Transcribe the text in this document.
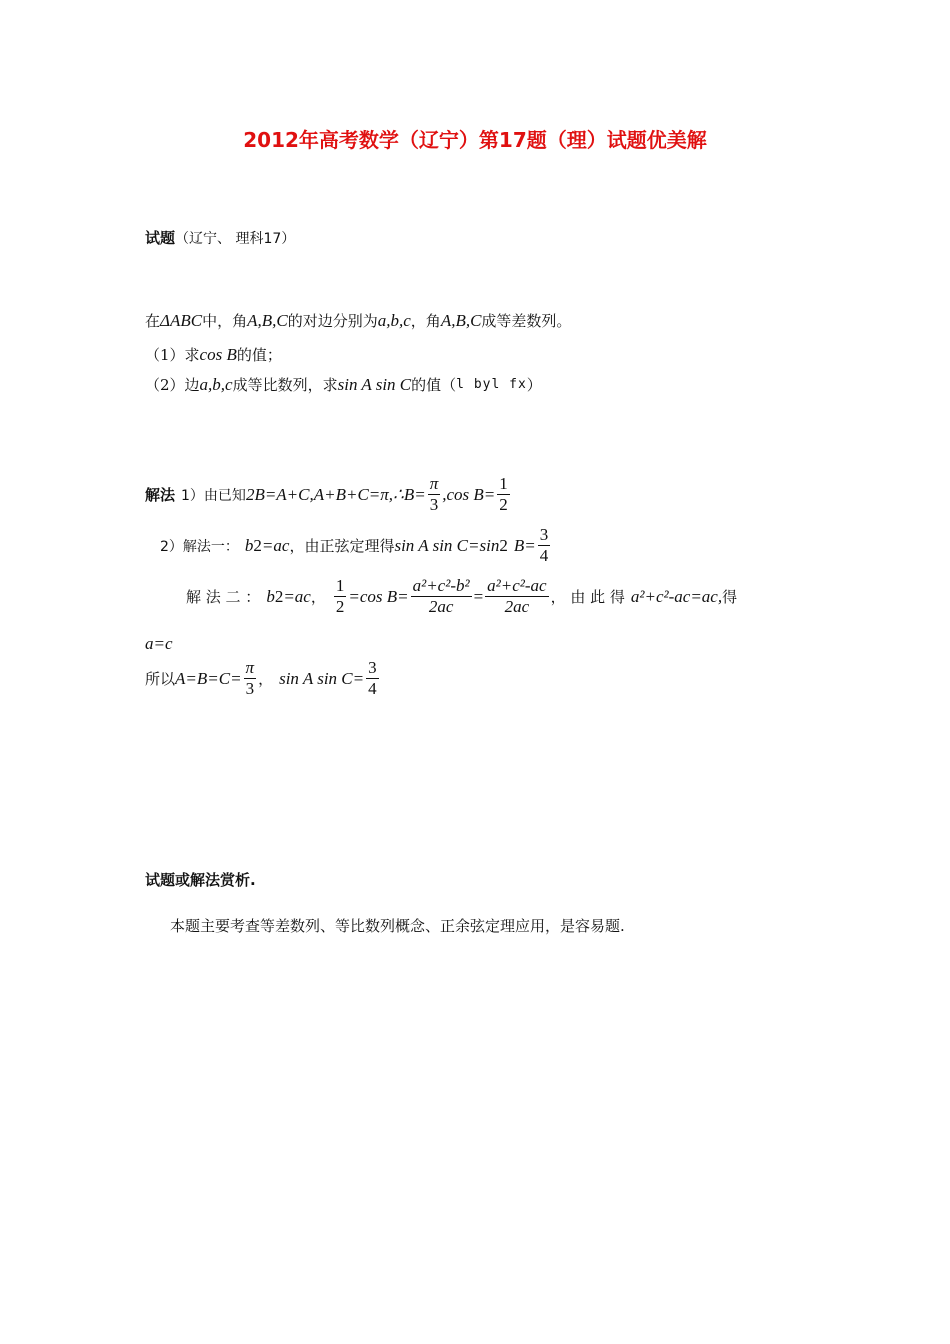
2012年高考数学（辽宁）第17题（理）试题优美解
试题 （辽宁、 理科17）
在 ΔABC 中，角 A,B,C 的对边分别为 a,b,c ，角 A,B,C 成等差数列。
（1）求 cos B 的值；
（2）边 a,b,c 成等比数列，求 sin A sin C 的值（ l byl fx ）
解法 1）由已知 2B=A+C,A+B+C=π,∴B= $\frac{\pi}{3} ,\cos$ $B= \frac{1}{2}$
2）解法一： b 2 =ac ，由正弦定理得 sin A sin C=sin 2 $B= \frac{3}{4}$
解 法 二 ： b 2 =ac ， $\frac{1}{2} =\cos$ $B= \frac{\text{a²+c²-b²}}{2ac} = \frac{\text{a²+c²-ac}}{2ac}$ ， 由 此 得 a²+c²-ac=ac, 得
a=c
所以 $A=B=C= \frac{\pi}{3}$ ， sin A $\sin C= \frac{3}{4}$
试题或解法赏析.
本题主要考查等差数列、等比数列概念、正余弦定理应用，是容易题.
